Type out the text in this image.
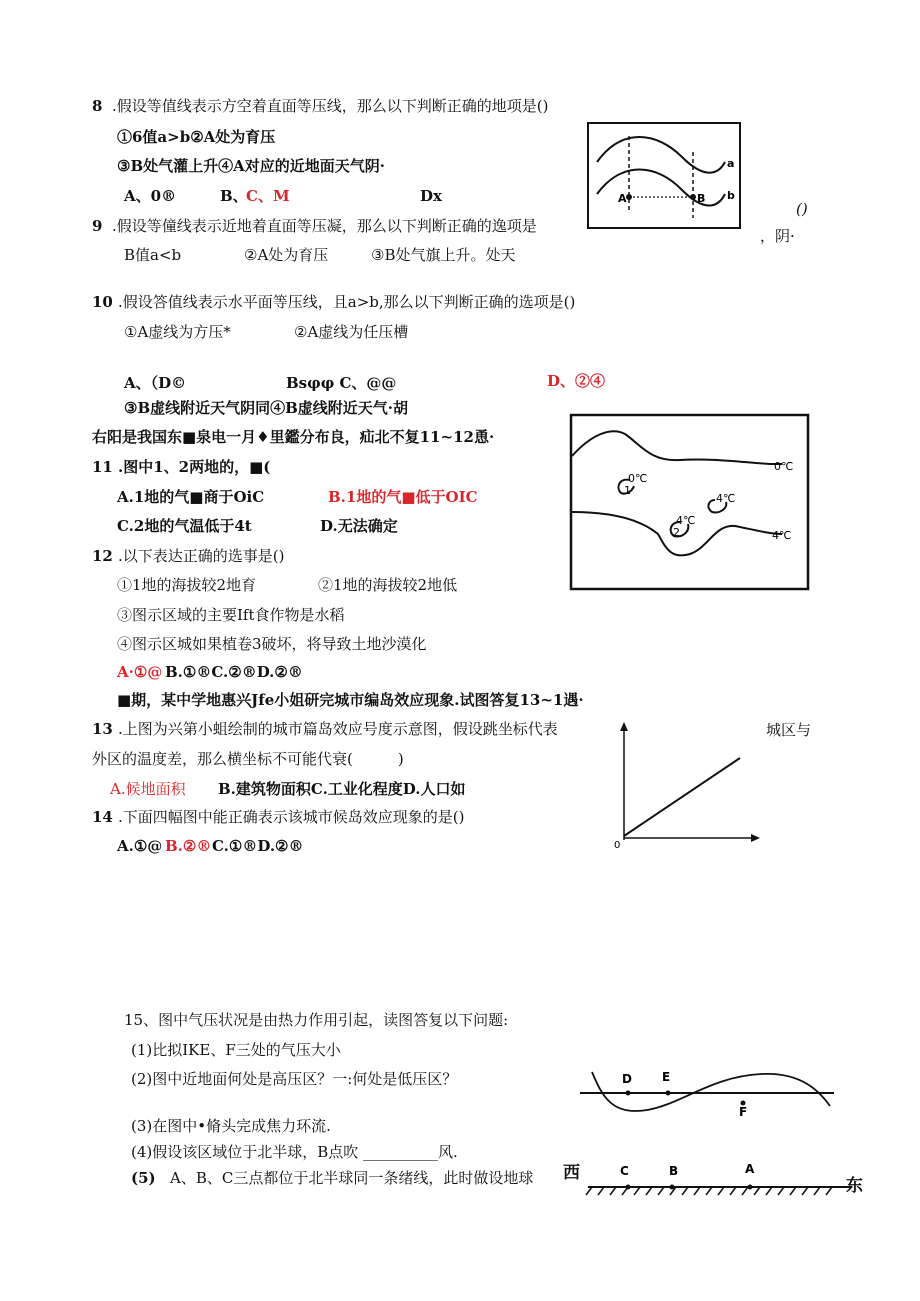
8 .假设等值线表示方空着直面等压线，那么以下判断正确的地项是()
①6值a>b②A处为育压
③B处气灌上升④A对应的近地面天气阴·
A、0®	B、
C、M	Dx
9 .假设等僮线表示近地着直面等压凝，那么以下判断正确的逸项是
()
，阴·
B值a<b	②A处为育压	③B处气旗上升。处天
10 .假设答值线表示水平面等压线，且a>b,那么以下判断正确的选项是()
①A虚线为方压*	②A虚线为任压槽
A、（D©	Bsφφ C、@@	D、②④
③B虚线附近天气阴同④B虚线附近天气·胡
右阳是我国东■泉电一月♦里鑑分布良，疝北不复11~12恿·
11 .图中1、2两地的，■(
A.1地的气■商于OiC	B.1地的气■低于OIC
C.2地的气温低于4t	D.无法确定
12 .以下表达正确的选事是()
①1地的海拔较2地育	②1地的海拔较2地低
③图示区域的主要Ift食作物是水稻
④图示区城如果植卷3破坏，将导致土地沙漠化
A·①@ B.①®C.②®D.②®
■期，某中学地惠兴Jfe小姐研完城市编岛效应现象.试图答复13~1遇·
13 .上图为兴第小蛆绘制的城市篇岛效应号度示意图，假设跳坐标代表	城区与
外区的温度差，那么横坐标不可能代衰(　　　)
A.候地面积 B.建筑物面积C.工业化程度D.人口如
14 .下面四幅图中能正确表示该城市候岛效应现象的是()
A.①@ B.②® C.①®D.②®
15、图中气压状况是由热力作用引起，读图答复以下问题:
(1)比拟IKE、F三处的气压大小
(2)图中近地面何处是高压区？一:何处是低压区？
(3)在图中•脩头完成焦力环流.
(4)假设该区域位于北半球，B点吹 __________风.
(5) A、B、C三点都位于北半球同一条绪线，此时做设地球
a
b
A	B
0℃
1
4℃
4℃
2
0℃
4℃
0
D	E
F
C	B	A
西
东
